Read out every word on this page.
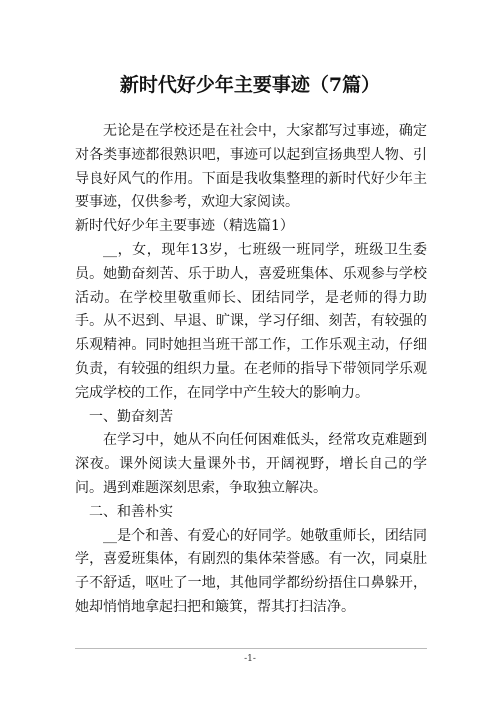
新时代好少年主要事迹（7篇）

无论是在学校还是在社会中，大家都写过事迹，确定对各类事迹都很熟识吧，事迹可以起到宣扬典型人物、引导良好风气的作用。下面是我收集整理的新时代好少年主要事迹，仅供参考，欢迎大家阅读。

新时代好少年主要事迹（精选篇1）

__，女，现年13岁，七班级一班同学，班级卫生委员。她勤奋刻苦、乐于助人，喜爱班集体、乐观参与学校活动。在学校里敬重师长、团结同学，是老师的得力助手。从不迟到、早退、旷课，学习仔细、刻苦，有较强的乐观精神。同时她担当班干部工作，工作乐观主动，仔细负责，有较强的组织力量。在老师的指导下带领同学乐观完成学校的工作，在同学中产生较大的影响力。

一、勤奋刻苦

在学习中，她从不向任何困难低头，经常攻克难题到深夜。课外阅读大量课外书，开阔视野，增长自己的学问。遇到难题深刻思索，争取独立解决。

二、和善朴实

__是个和善、有爱心的好同学。她敬重师长，团结同学，喜爱班集体，有剧烈的集体荣誉感。有一次，同桌肚子不舒适，呕吐了一地，其他同学都纷纷捂住口鼻躲开，她却悄悄地拿起扫把和簸箕，帮其打扫洁净。

-1-
